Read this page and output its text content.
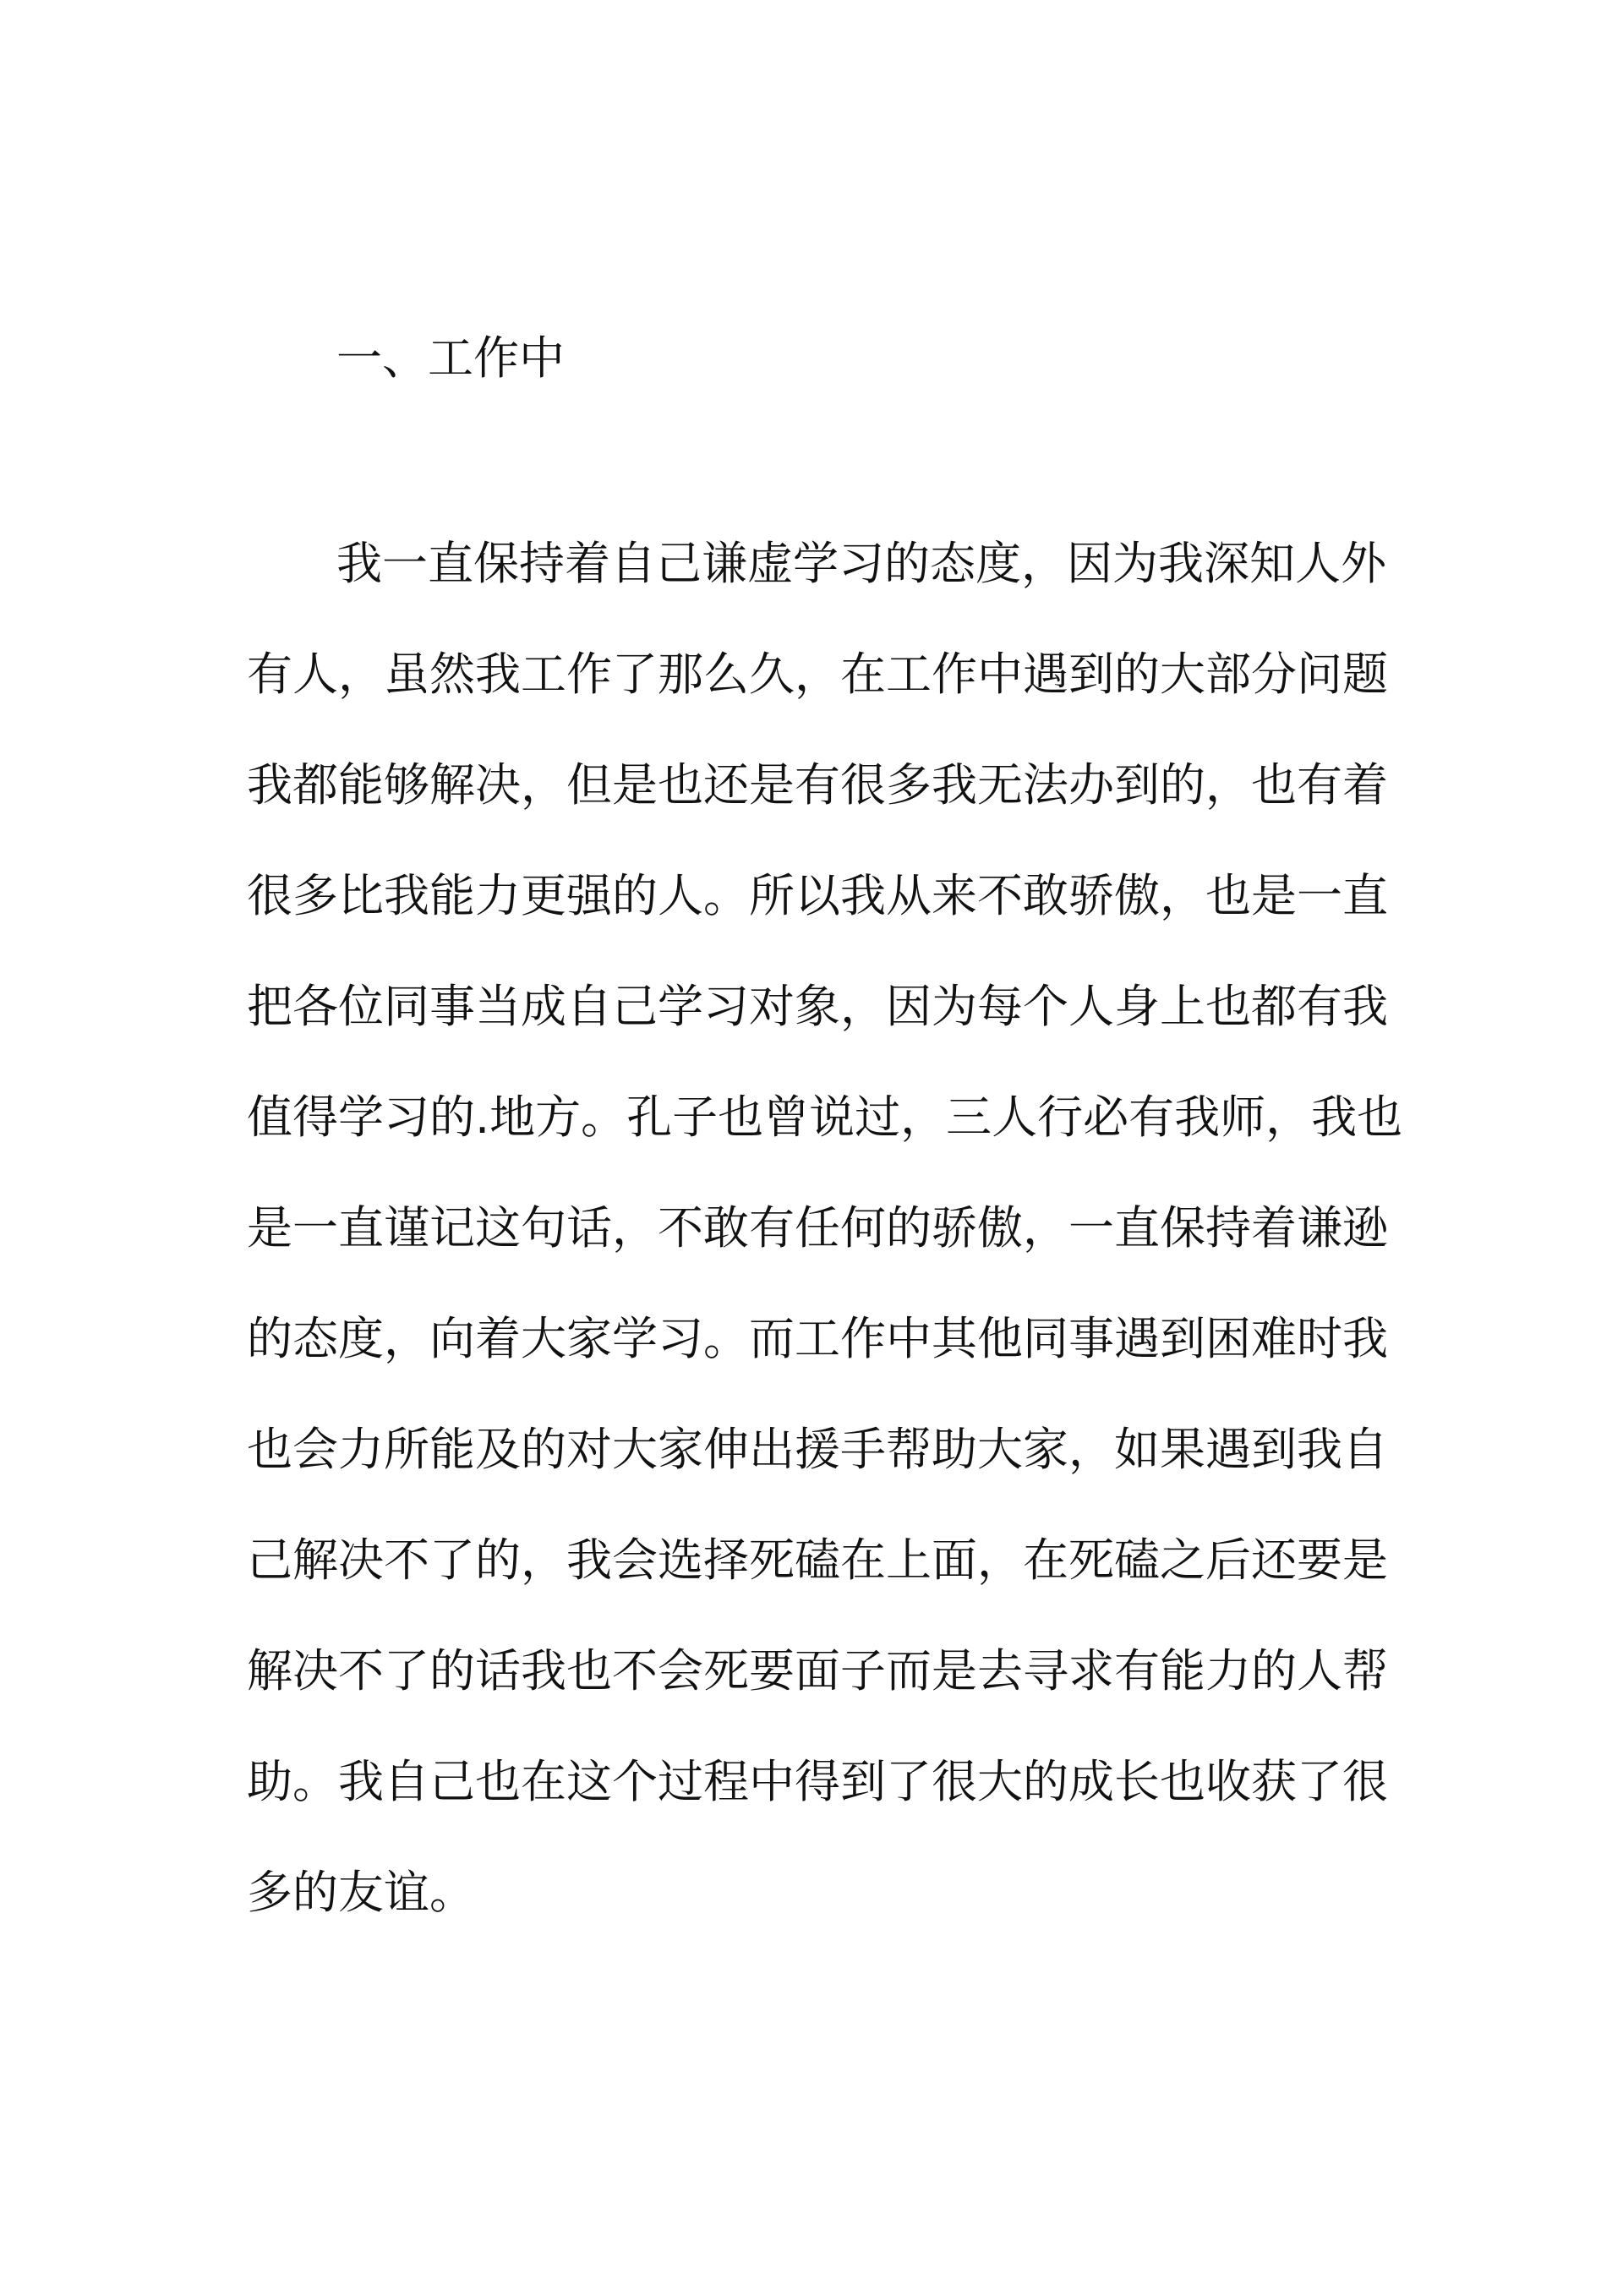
一、工作中
我一直保持着自己谦虚学习的态度，因为我深知人外
有人，虽然我工作了那么久，在工作中遇到的大部分问题
我都能够解决，但是也还是有很多我无法办到的，也有着
很多比我能力更强的人。所以我从来不敢骄傲，也是一直
把各位同事当成自己学习对象，因为每个人身上也都有我
值得学习的.地方。孔子也曾说过，三人行必有我师，我也
是一直谨记这句话，不敢有任何的骄傲，一直保持着谦逊
的态度，向着大家学习。而工作中其他同事遇到困难时我
也会力所能及的对大家伸出援手帮助大家，如果遇到我自
己解决不了的，我会选择死磕在上面，在死磕之后还要是
解决不了的话我也不会死要面子而是去寻求有能力的人帮
助。我自己也在这个过程中得到了很大的成长也收获了很
多的友谊。
